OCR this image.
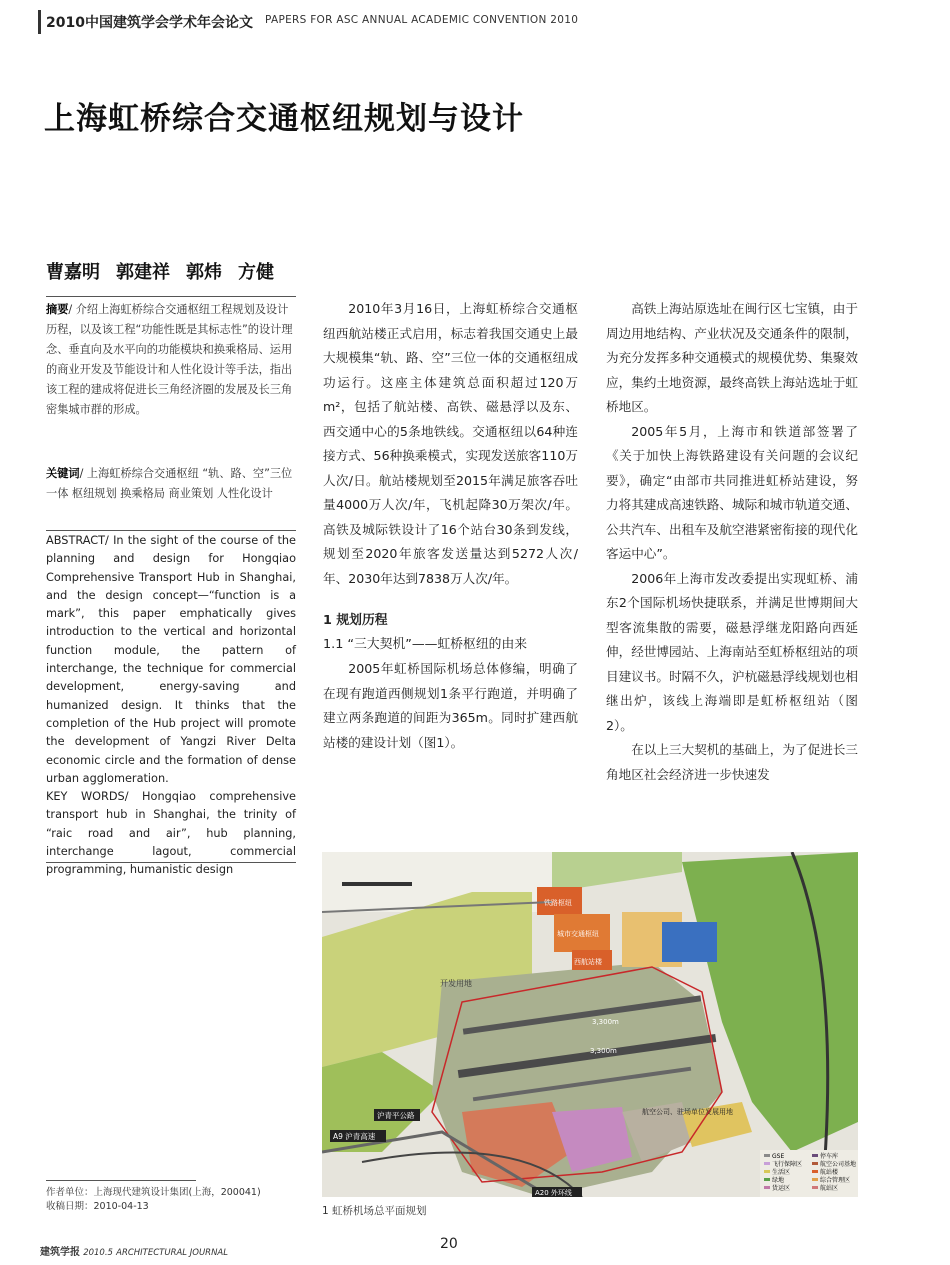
2010中国建筑学会学术年会论文 PAPERS FOR ASC ANNUAL ACADEMIC CONVENTION 2010
上海虹桥综合交通枢纽规划与设计
曹嘉明 郭建祥 郭炜 方健
摘要/ 介绍上海虹桥综合交通枢纽工程规划及设计历程，以及该工程“功能性既是其标志性”的设计理念、垂直向及水平向的功能模块和换乘格局、运用的商业开发及节能设计和人性化设计等手法，指出该工程的建成将促进长三角经济圈的发展及长三角密集城市群的形成。
关键词/ 上海虹桥综合交通枢纽 “轨、路、空”三位一体 枢纽规划 换乘格局 商业策划 人性化设计
ABSTRACT/ In the sight of the course of the planning and design for Hongqiao Comprehensive Transport Hub in Shanghai, and the design concept—“function is a mark”, this paper emphatically gives introduction to the vertical and horizontal function module, the pattern of interchange, the technique for commercial development, energy-saving and humanized design. It thinks that the completion of the Hub project will promote the development of Yangzi River Delta economic circle and the formation of dense urban agglomeration.
KEY WORDS/ Hongqiao comprehensive transport hub in Shanghai, the trinity of “raic road and air”, hub planning, interchange lagout, commercial programming, humanistic design

2010年3月16日，上海虹桥综合交通枢纽西航站楼正式启用，标志着我国交通史上最大规模集“轨、路、空”三位一体的交通枢纽成功运行。这座主体建筑总面积超过120万m²，包括了航站楼、高铁、磁悬浮以及东、西交通中心的5条地铁线。交通枢纽以64种连接方式、56种换乘模式，实现发送旅客110万人次/日。航站楼规划至2015年满足旅客吞吐量4000万人次/年，飞机起降30万架次/年。高铁及城际铁设计了16个站台30条到发线，规划至2020年旅客发送量达到5272人次/年、2030年达到7838万人次/年。

1 规划历程
1.1 “三大契机”——虹桥枢纽的由来

2005年虹桥国际机场总体修编，明确了在现有跑道西侧规划1条平行跑道，并明确了建立两条跑道的间距为365m。同时扩建西航站楼的建设计划（图1）。

高铁上海站原选址在闽行区七宝镇，由于周边用地结构、产业状况及交通条件的限制，为充分发挥多种交通模式的规模优势、集聚效应，集约土地资源，最终高铁上海站选址于虹桥地区。

2005年5月，上海市和铁道部签署了《关于加快上海铁路建设有关问题的会议纪要》，确定“由部市共同推进虹桥站建设，努力将其建成高速铁路、城际和城市轨道交通、公共汽车、出租车及航空港紧密衔接的现代化客运中心”。

2006年上海市发改委提出实现虹桥、浦东2个国际机场快捷联系，并满足世博期间大型客流集散的需要，磁悬浮继龙阳路向西延伸，经世博园站、上海南站至虹桥枢纽站的项目建议书。时隔不久，沪杭磁悬浮线规划也相继出炉，该线上海端即是虹桥枢纽站（图2）。

在以上三大契机的基础上，为了促进长三角地区社会经济进一步快速发

铁路枢纽
城市交通枢纽
西航站楼
开发用地
3,300m
3,300m
沪青平公路
A9 沪青高速
A20 外环线
航空公司、驻场单位发展用地
GSE	停车库
飞行保障区	航空公司基地
生活区	航站楼
绿地	综合管理区
货运区	航站区
1 虹桥机场总平面规划
作者单位：上海现代建筑设计集团(上海，200041)
收稿日期：2010-04-13
建筑学报 2010.5 ARCHITECTURAL JOURNAL
20
